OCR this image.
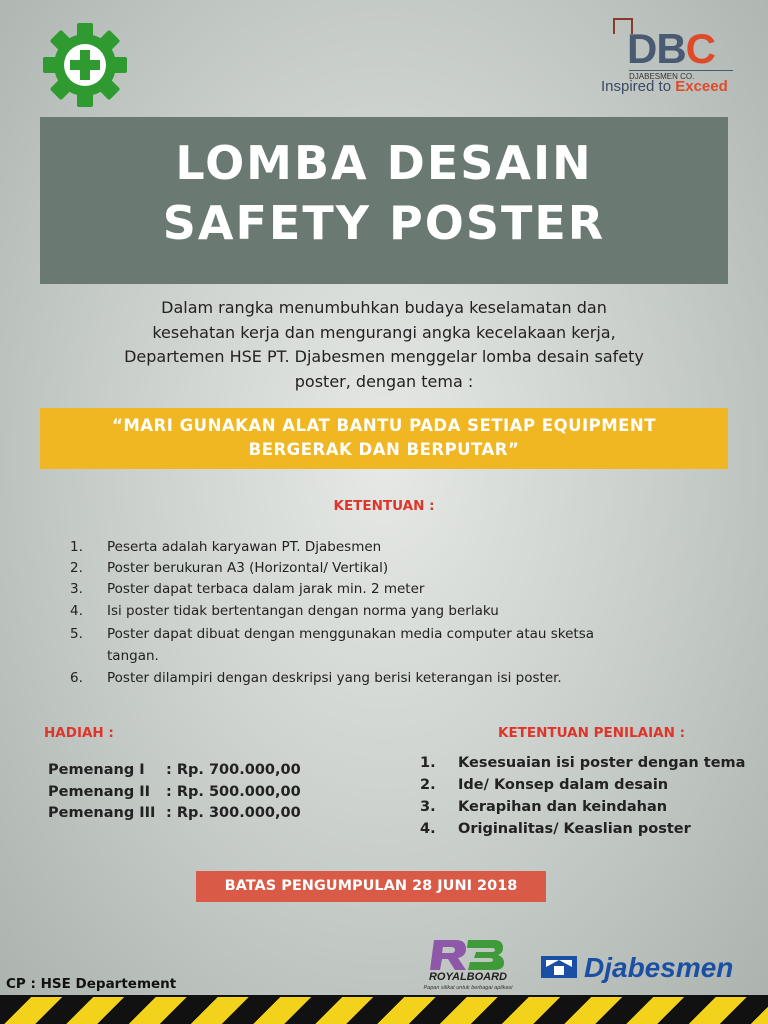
DBC
DJABESMEN CO.
Inspired to Exceed
LOMBA DESAIN
SAFETY POSTER
Dalam rangka menumbuhkan budaya keselamatan dan
kesehatan kerja dan mengurangi angka kecelakaan kerja,
Departemen HSE PT. Djabesmen menggelar lomba desain safety
poster, dengan tema :
“MARI GUNAKAN ALAT BANTU PADA SETIAP EQUIPMENT
BERGERAK DAN BERPUTAR”
KETENTUAN :
1. Peserta adalah karyawan PT. Djabesmen
2. Poster berukuran A3 (Horizontal/ Vertikal)
3. Poster dapat terbaca dalam jarak min. 2 meter
4. Isi poster tidak bertentangan dengan norma yang berlaku
5. Poster dapat dibuat dengan menggunakan media computer atau sketsa
tangan.
6. Poster dilampiri dengan deskripsi yang berisi keterangan isi poster.
HADIAH :
Pemenang I : Rp. 700.000,00
Pemenang II : Rp. 500.000,00
Pemenang III : Rp. 300.000,00
KETENTUAN PENILAIAN :
1. Kesesuaian isi poster dengan tema
2. Ide/ Konsep dalam desain
3. Kerapihan dan keindahan
4. Originalitas/ Keaslian poster
BATAS PENGUMPULAN 28 JUNI 2018
CP : HSE Departement	ROYALBOARD
Papan silikat untuk berbagai aplikasi
Djabesmen
